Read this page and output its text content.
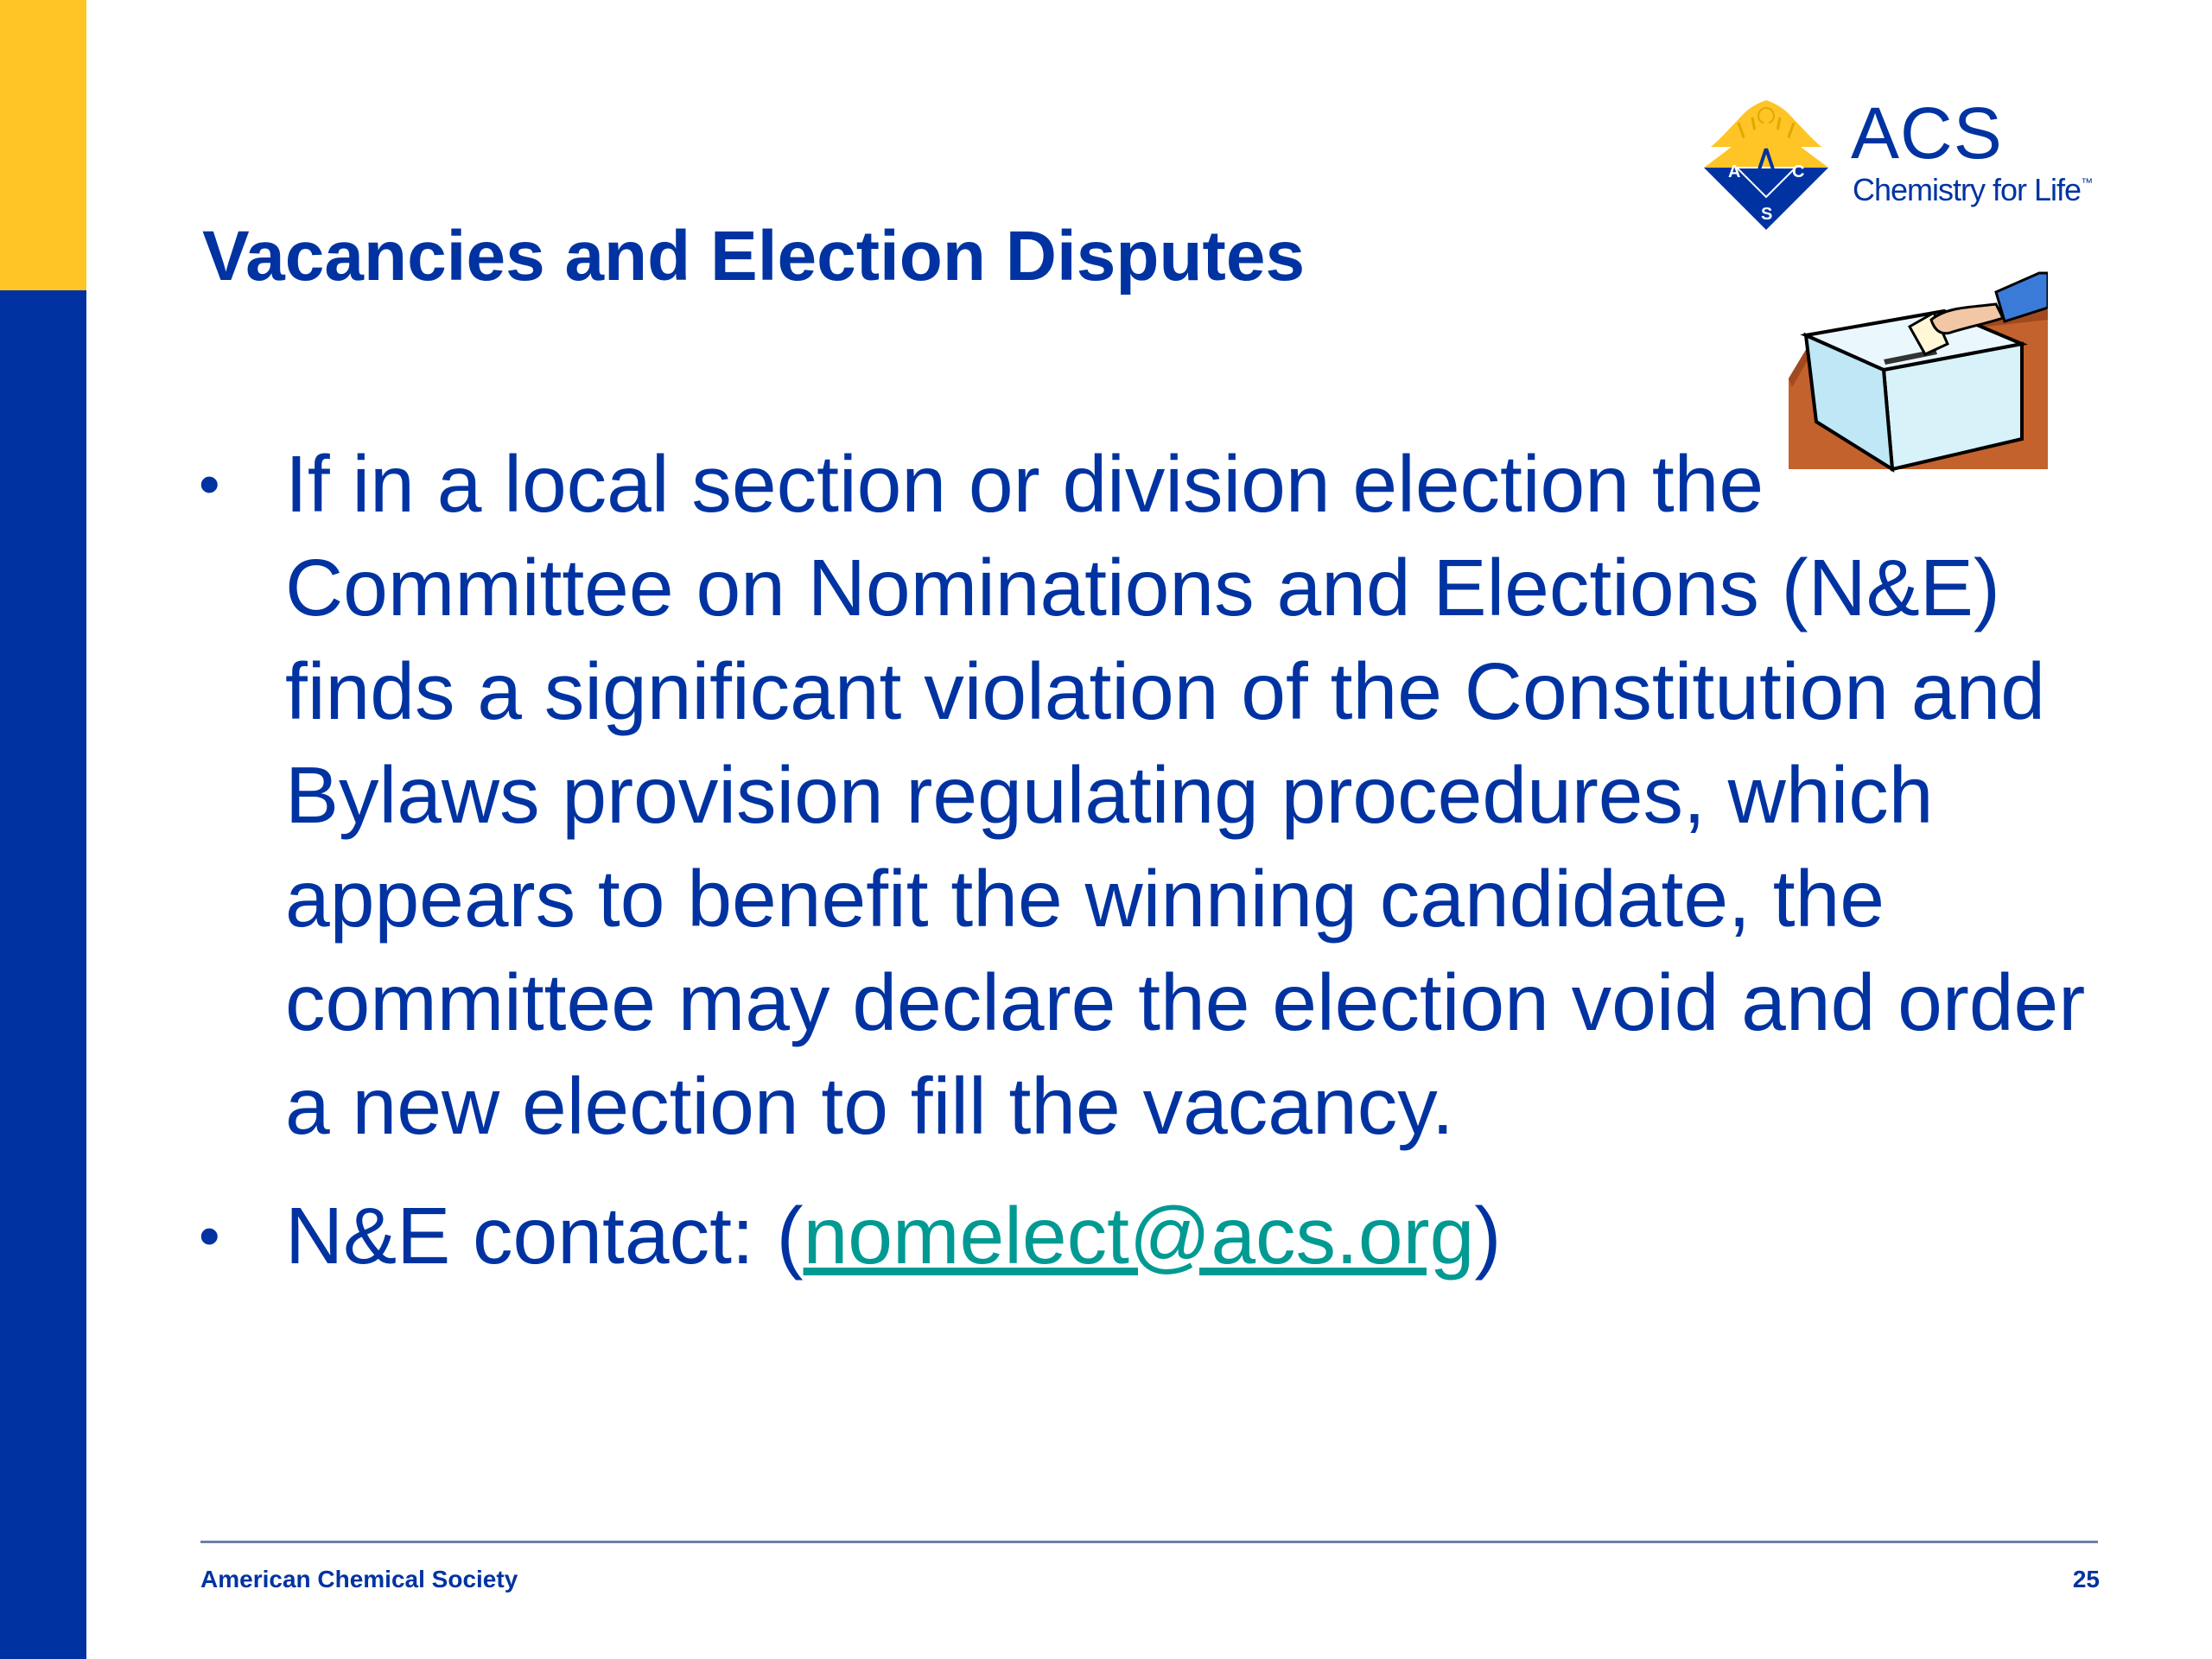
A	C
S
ACS
Chemistry for Life™
Vacancies and Election Disputes
• If in a local section or division election the Committee on Nominations and Elections (N&E) finds a significant violation of the Constitution and Bylaws provision regulating procedures, which appears to benefit the winning candidate, the committee may declare the election void and order a new election to fill the vacancy.
• N&E contact: (nomelect@acs.org)
American Chemical Society	25
